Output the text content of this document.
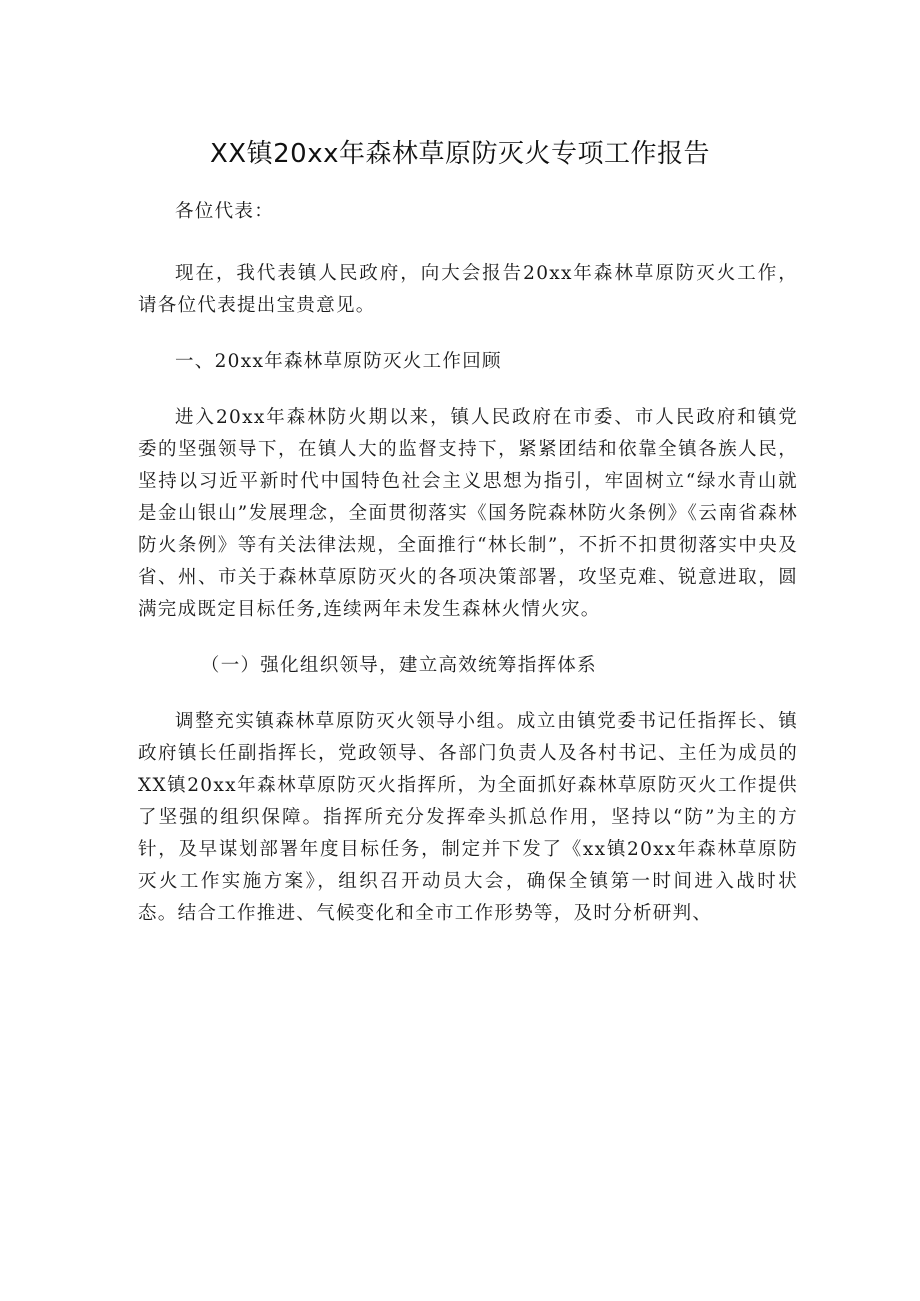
XX镇20xx年森林草原防灭火专项工作报告

各位代表：

现在，我代表镇人民政府，向大会报告20xx年森林草原防灭火工作，请各位代表提出宝贵意见。

一、20xx年森林草原防灭火工作回顾

进入20xx年森林防火期以来，镇人民政府在市委、市人民政府和镇党委的坚强领导下，在镇人大的监督支持下，紧紧团结和依靠全镇各族人民，坚持以习近平新时代中国特色社会主义思想为指引，牢固树立“绿水青山就是金山银山”发展理念，全面贯彻落实《国务院森林防火条例》《云南省森林防火条例》等有关法律法规，全面推行“林长制”，不折不扣贯彻落实中央及省、州、市关于森林草原防灭火的各项决策部署，攻坚克难、锐意进取，圆满完成既定目标任务,连续两年未发生森林火情火灾。

（一）强化组织领导，建立高效统筹指挥体系

调整充实镇森林草原防灭火领导小组。成立由镇党委书记任指挥长、镇政府镇长任副指挥长，党政领导、各部门负责人及各村书记、主任为成员的XX镇20xx年森林草原防灭火指挥所，为全面抓好森林草原防灭火工作提供了坚强的组织保障。指挥所充分发挥牵头抓总作用，坚持以“防”为主的方针，及早谋划部署年度目标任务，制定并下发了《xx镇20xx年森林草原防灭火工作实施方案》，组织召开动员大会，确保全镇第一时间进入战时状态。结合工作推进、气候变化和全市工作形势等，及时分析研判、
